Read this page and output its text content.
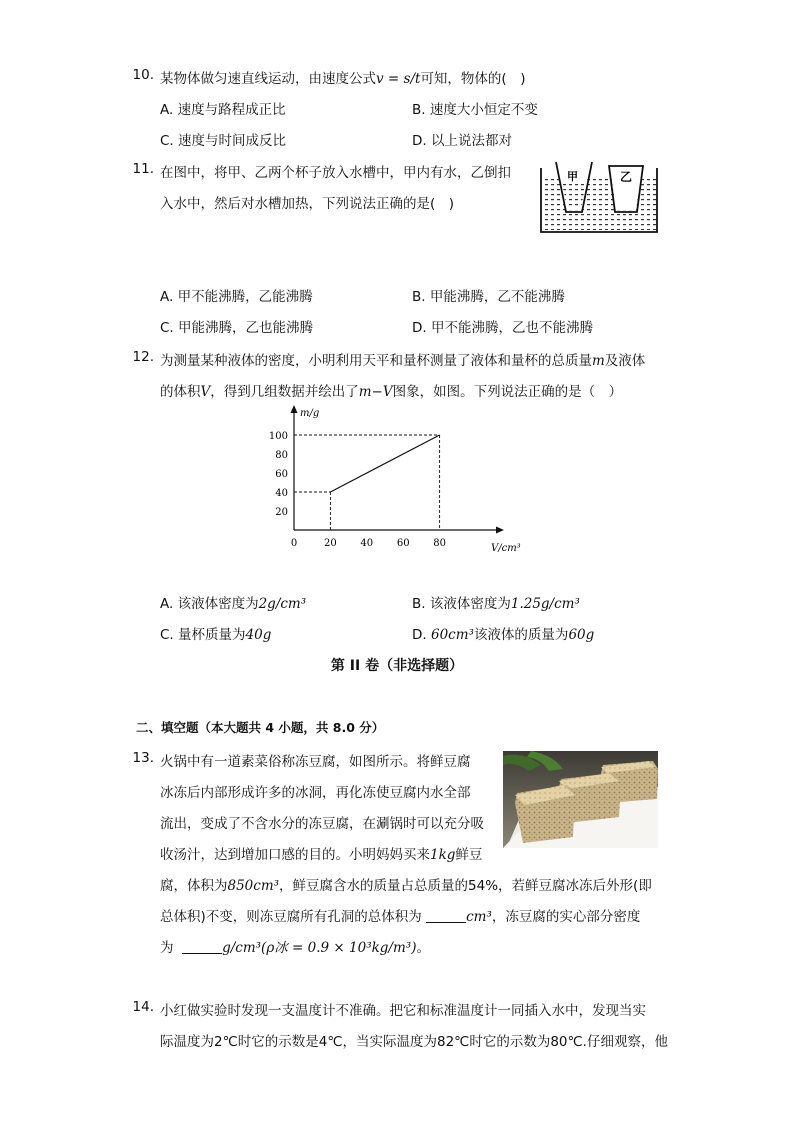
10. 某物体做匀速直线运动，由速度公式v = s/t可知，物体的(　)
A. 速度与路程成正比	B. 速度大小恒定不变
C. 速度与时间成反比	D. 以上说法都对
11. 在图中，将甲、乙两个杯子放入水槽中，甲内有水，乙倒扣
入水中，然后对水槽加热，下列说法正确的是(　)
甲	乙
A. 甲不能沸腾，乙能沸腾	B. 甲能沸腾，乙不能沸腾
C. 甲能沸腾，乙也能沸腾	D. 甲不能沸腾，乙也不能沸腾
12. 为测量某种液体的密度，小明利用天平和量杯测量了液体和量杯的总质量m及液体
的体积V，得到几组数据并绘出了m−V图象，如图。下列说法正确的是（　）
m/g
V/cm³
0	20 40 60 80
20
40
60
80
100
A. 该液体密度为2g/cm³	B. 该液体密度为1.25g/cm³
C. 量杯质量为40g	D. 60cm³该液体的质量为60g
第 II 卷（非选择题）
二、填空题（本大题共 4 小题，共 8.0 分）
13. 火锅中有一道素菜俗称冻豆腐，如图所示。将鲜豆腐
冰冻后内部形成许多的冰洞，再化冻使豆腐内水全部
流出，变成了不含水分的冻豆腐，在涮锅时可以充分吸
收汤汁，达到增加口感的目的。小明妈妈买来1kg鲜豆
腐，体积为850cm³，鲜豆腐含水的质量占总质量的54%，若鲜豆腐冰冻后外形(即
总体积)不变，则冻豆腐所有孔洞的总体积为	cm³，冻豆腐的实心部分密度
为	g/cm³(ρ冰 = 0.9 × 10³kg/m³)。
14. 小红做实验时发现一支温度计不准确。把它和标准温度计一同插入水中，发现当实
际温度为2℃时它的示数是4℃，当实际温度为82℃时它的示数为80℃.仔细观察，他
